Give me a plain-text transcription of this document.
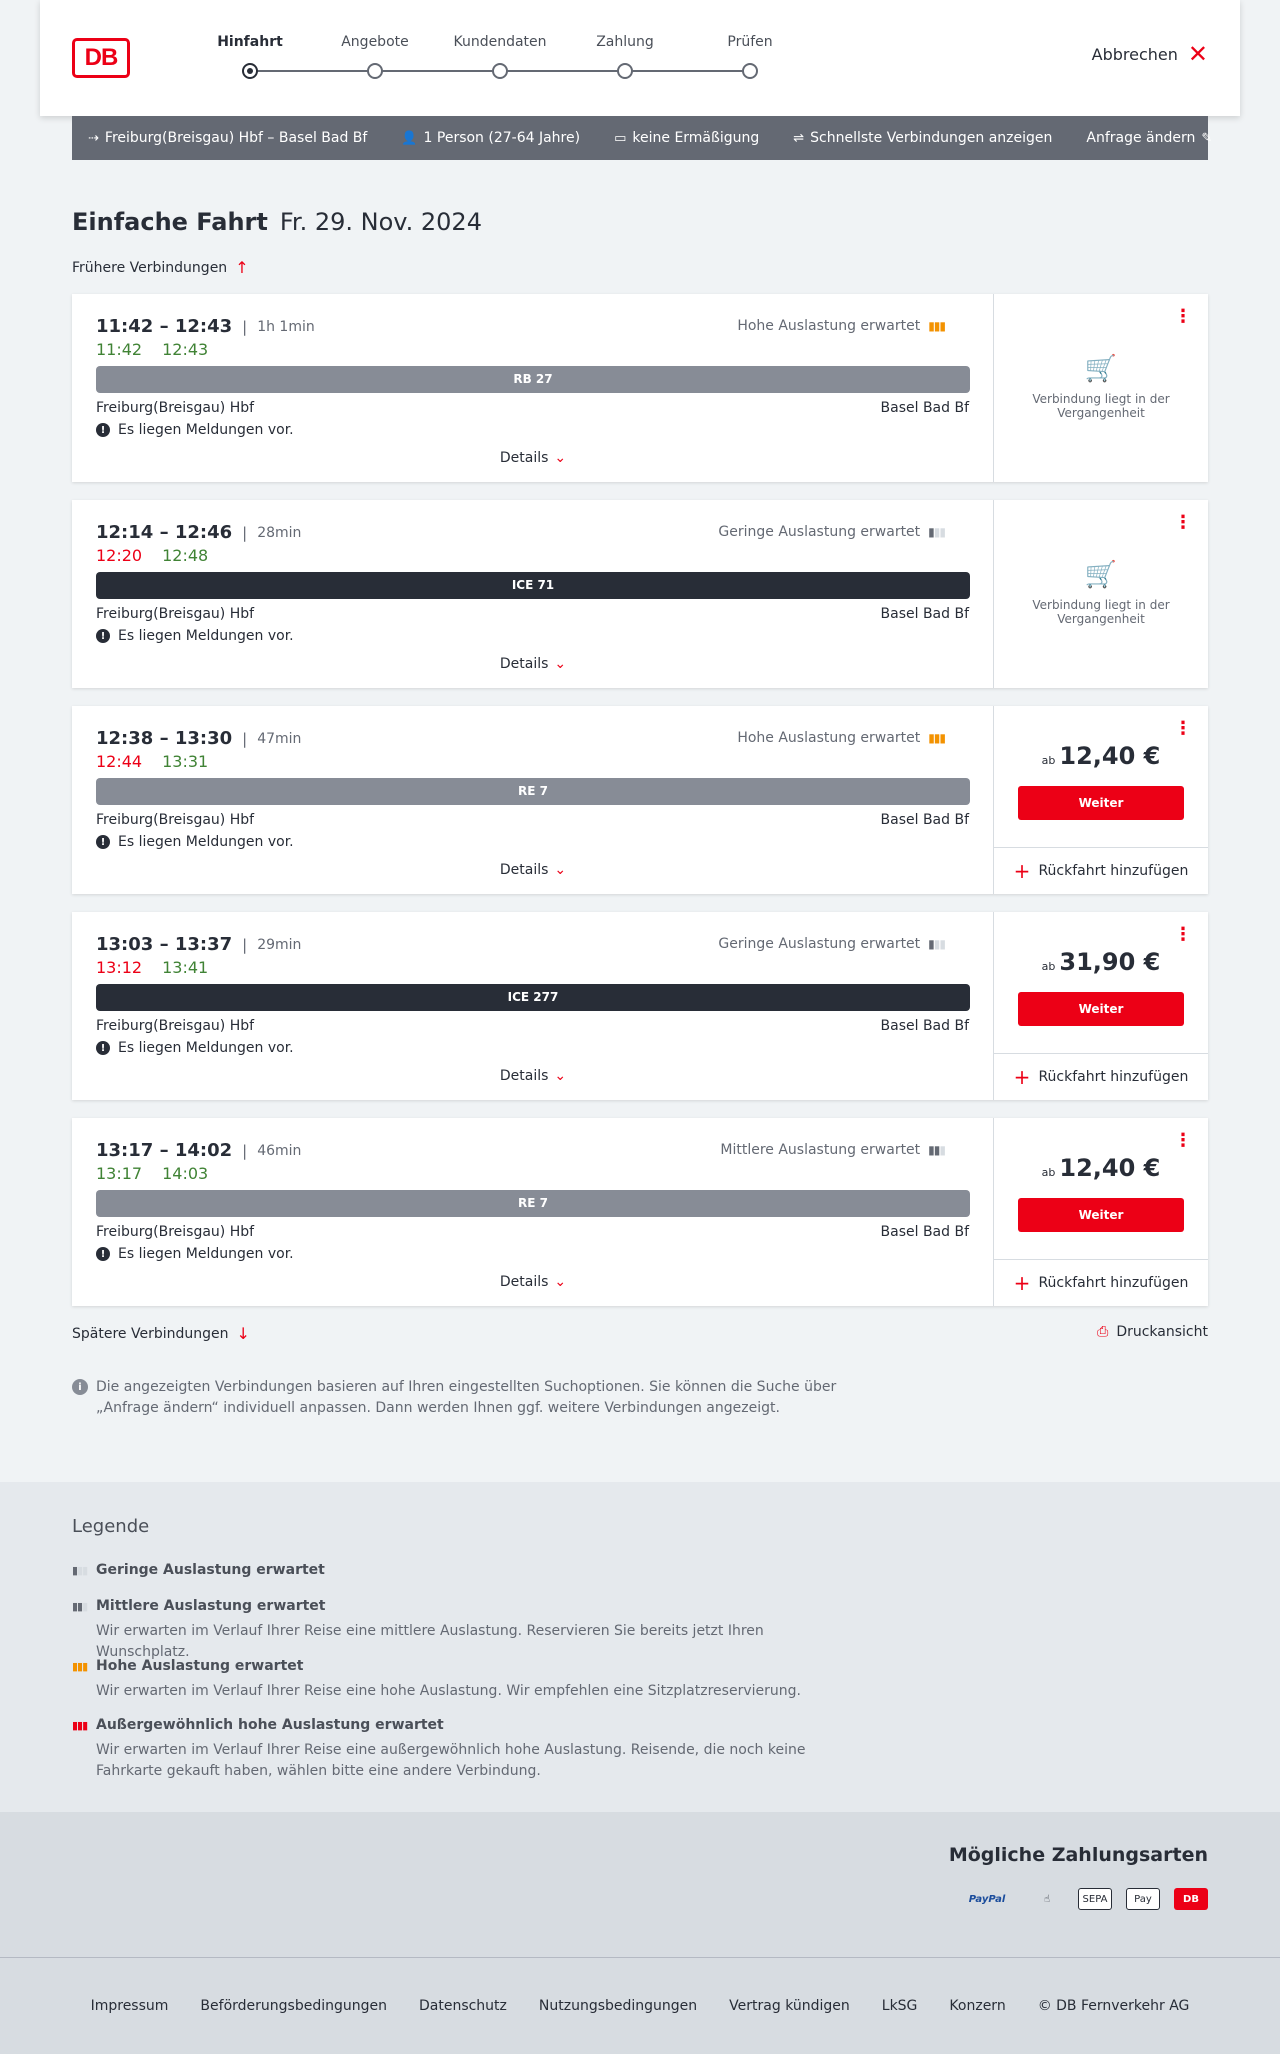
DB
Hinfahrt	Angebote	Kundendaten	Zahlung	Prüfen
Abbrechen ✕
⇢ Freiburg(Breisgau) Hbf – Basel Bad Bf	👤 1 Person (27-64 Jahre)	▭ keine Ermäßigung	⇌ Schnellste Verbindungen anzeigen Anfrage ändern ✎
Einfache Fahrt Fr. 29. Nov. 2024
Frühere Verbindungen ↑
11:42 – 12:43 | 1h 1min
11:42 12:43
Hohe Auslastung erwartet ▮▮▮
RB 27
Freiburg(Breisgau) Hbf	Basel Bad Bf
! Es liegen Meldungen vor.
Details ⌄
⋮
🛒
Verbindung liegt in der Vergangenheit
12:14 – 12:46 | 28min
12:20 12:48
Geringe Auslastung erwartet ▮▮▮
ICE 71
Freiburg(Breisgau) Hbf	Basel Bad Bf
! Es liegen Meldungen vor.
Details ⌄
⋮
🛒
Verbindung liegt in der Vergangenheit
12:38 – 13:30 | 47min
12:44 13:31
Hohe Auslastung erwartet ▮▮▮
RE 7
Freiburg(Breisgau) Hbf	Basel Bad Bf
! Es liegen Meldungen vor.
Details ⌄
⋮
ab 12,40 €
Weiter
+ Rückfahrt hinzufügen
13:03 – 13:37 | 29min
13:12 13:41
Geringe Auslastung erwartet ▮▮▮
ICE 277
Freiburg(Breisgau) Hbf	Basel Bad Bf
! Es liegen Meldungen vor.
Details ⌄
⋮
ab 31,90 €
Weiter
+ Rückfahrt hinzufügen
13:17 – 14:02 | 46min
13:17 14:03
Mittlere Auslastung erwartet ▮▮▮
RE 7
Freiburg(Breisgau) Hbf	Basel Bad Bf
! Es liegen Meldungen vor.
Details ⌄
⋮
ab 12,40 €
Weiter
+ Rückfahrt hinzufügen
Spätere Verbindungen ↓	⎙ Druckansicht
i	Die angezeigten Verbindungen basieren auf Ihren eingestellten Suchoptionen. Sie können die Suche über „Anfrage ändern“ individuell anpassen. Dann werden Ihnen ggf. weitere Verbindungen angezeigt.
Legende
▮▮▮ Geringe Auslastung erwartet
▮▮▮ Mittlere Auslastung erwartet
Wir erwarten im Verlauf Ihrer Reise eine mittlere Auslastung. Reservieren Sie bereits jetzt Ihren Wunschplatz.
▮▮▮ Hohe Auslastung erwartet
Wir erwarten im Verlauf Ihrer Reise eine hohe Auslastung. Wir empfehlen eine Sitzplatzreservierung.
▮▮▮ Außergewöhnlich hohe Auslastung erwartet
Wir erwarten im Verlauf Ihrer Reise eine außergewöhnlich hohe Auslastung. Reisende, die noch keine Fahrkarte gekauft haben, wählen bitte eine andere Verbindung.
Mögliche Zahlungsarten
PayPal	☝	SEPA	Pay	DB
Impressum Beförderungsbedingungen Datenschutz Nutzungsbedingungen Vertrag kündigen LkSG Konzern © DB Fernverkehr AG
